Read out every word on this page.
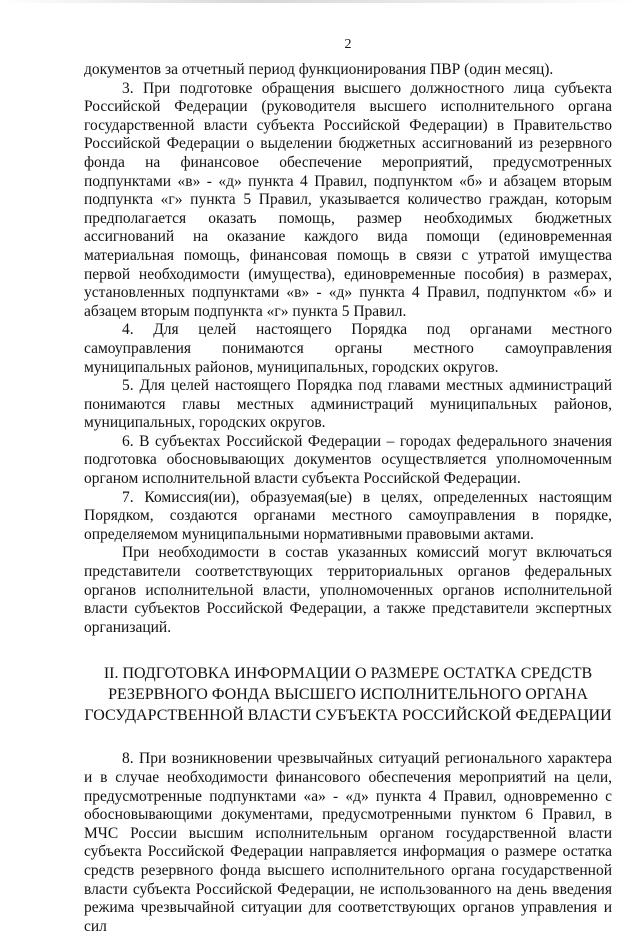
2

документов за отчетный период функционирования ПВР (один месяц).

3. При подготовке обращения высшего должностного лица субъекта Российской Федерации (руководителя высшего исполнительного органа государственной власти субъекта Российской Федерации) в Правительство Российской Федерации о выделении бюджетных ассигнований из резервного фонда на финансовое обеспечение мероприятий, предусмотренных подпунктами «в» - «д» пункта 4 Правил, подпунктом «б» и абзацем вторым подпункта «г» пункта 5 Правил, указывается количество граждан, которым предполагается оказать помощь, размер необходимых бюджетных ассигнований на оказание каждого вида помощи (единовременная материальная помощь, финансовая помощь в связи с утратой имущества первой необходимости (имущества), единовременные пособия) в размерах, установленных подпунктами «в» - «д» пункта 4 Правил, подпунктом «б» и абзацем вторым подпункта «г» пункта 5 Правил.

4. Для целей настоящего Порядка под органами местного самоуправления понимаются органы местного самоуправления муниципальных районов, муниципальных, городских округов.

5. Для целей настоящего Порядка под главами местных администраций понимаются главы местных администраций муниципальных районов, муниципальных, городских округов.

6. В субъектах Российской Федерации – городах федерального значения подготовка обосновывающих документов осуществляется уполномоченным органом исполнительной власти субъекта Российской Федерации.

7. Комиссия(ии), образуемая(ые) в целях, определенных настоящим Порядком, создаются органами местного самоуправления в порядке, определяемом муниципальными нормативными правовыми актами.

При необходимости в состав указанных комиссий могут включаться представители соответствующих территориальных органов федеральных органов исполнительной власти, уполномоченных органов исполнительной власти субъектов Российской Федерации, а также представители экспертных организаций.

II. ПОДГОТОВКА ИНФОРМАЦИИ О РАЗМЕРЕ ОСТАТКА СРЕДСТВ
РЕЗЕРВНОГО ФОНДА ВЫСШЕГО ИСПОЛНИТЕЛЬНОГО ОРГАНА
ГОСУДАРСТВЕННОЙ ВЛАСТИ СУБЪЕКТА РОССИЙСКОЙ ФЕДЕРАЦИИ

8. При возникновении чрезвычайных ситуаций регионального характера и в случае необходимости финансового обеспечения мероприятий на цели, предусмотренные подпунктами «а» - «д» пункта 4 Правил, одновременно с обосновывающими документами, предусмотренными пунктом 6 Правил, в МЧС России высшим исполнительным органом государственной власти субъекта Российской Федерации направляется информация о размере остатка средств резервного фонда высшего исполнительного органа государственной власти субъекта Российской Федерации, не использованного на день введения режима чрезвычайной ситуации для соответствующих органов управления и сил
